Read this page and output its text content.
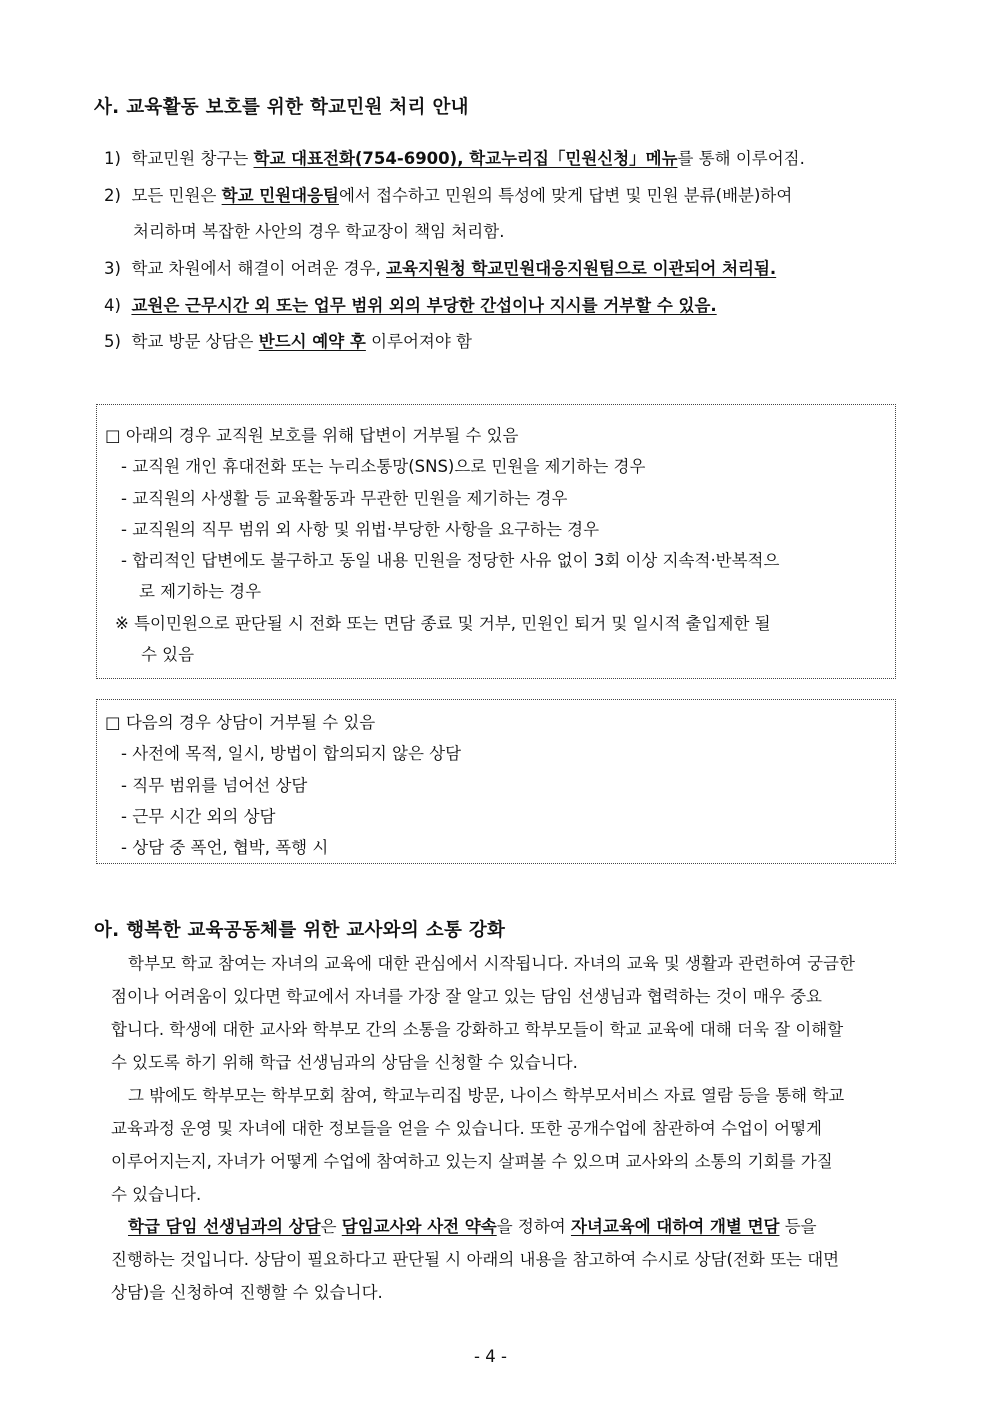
사. 교육활동 보호를 위한 학교민원 처리 안내
1) 학교민원 창구는 학교 대표전화(754-6900), 학교누리집「민원신청」메뉴를 통해 이루어짐.
2) 모든 민원은 학교 민원대응팀에서 접수하고 민원의 특성에 맞게 답변 및 민원 분류(배분)하여
처리하며 복잡한 사안의 경우 학교장이 책임 처리함.
3) 학교 차원에서 해결이 어려운 경우, 교육지원청 학교민원대응지원팀으로 이관되어 처리됨.
4) 교원은 근무시간 외 또는 업무 범위 외의 부당한 간섭이나 지시를 거부할 수 있음.
5) 학교 방문 상담은 반드시 예약 후 이루어져야 함
□ 아래의 경우 교직원 보호를 위해 답변이 거부될 수 있음
- 교직원 개인 휴대전화 또는 누리소통망(SNS)으로 민원을 제기하는 경우
- 교직원의 사생활 등 교육활동과 무관한 민원을 제기하는 경우
- 교직원의 직무 범위 외 사항 및 위법·부당한 사항을 요구하는 경우
- 합리적인 답변에도 불구하고 동일 내용 민원을 정당한 사유 없이 3회 이상 지속적·반복적으
로 제기하는 경우
※ 특이민원으로 판단될 시 전화 또는 면담 종료 및 거부, 민원인 퇴거 및 일시적 출입제한 될
수 있음
□ 다음의 경우 상담이 거부될 수 있음
- 사전에 목적, 일시, 방법이 합의되지 않은 상담
- 직무 범위를 넘어선 상담
- 근무 시간 외의 상담
- 상담 중 폭언, 협박, 폭행 시
아. 행복한 교육공동체를 위한 교사와의 소통 강화
학부모 학교 참여는 자녀의 교육에 대한 관심에서 시작됩니다. 자녀의 교육 및 생활과 관련하여 궁금한
점이나 어려움이 있다면 학교에서 자녀를 가장 잘 알고 있는 담임 선생님과 협력하는 것이 매우 중요
합니다. 학생에 대한 교사와 학부모 간의 소통을 강화하고 학부모들이 학교 교육에 대해 더욱 잘 이해할
수 있도록 하기 위해 학급 선생님과의 상담을 신청할 수 있습니다.
그 밖에도 학부모는 학부모회 참여, 학교누리집 방문, 나이스 학부모서비스 자료 열람 등을 통해 학교
교육과정 운영 및 자녀에 대한 정보들을 얻을 수 있습니다. 또한 공개수업에 참관하여 수업이 어떻게
이루어지는지, 자녀가 어떻게 수업에 참여하고 있는지 살펴볼 수 있으며 교사와의 소통의 기회를 가질
수 있습니다.
학급 담임 선생님과의 상담은 담임교사와 사전 약속을 정하여 자녀교육에 대하여 개별 면담 등을
진행하는 것입니다. 상담이 필요하다고 판단될 시 아래의 내용을 참고하여 수시로 상담(전화 또는 대면
상담)을 신청하여 진행할 수 있습니다.
- 4 -
